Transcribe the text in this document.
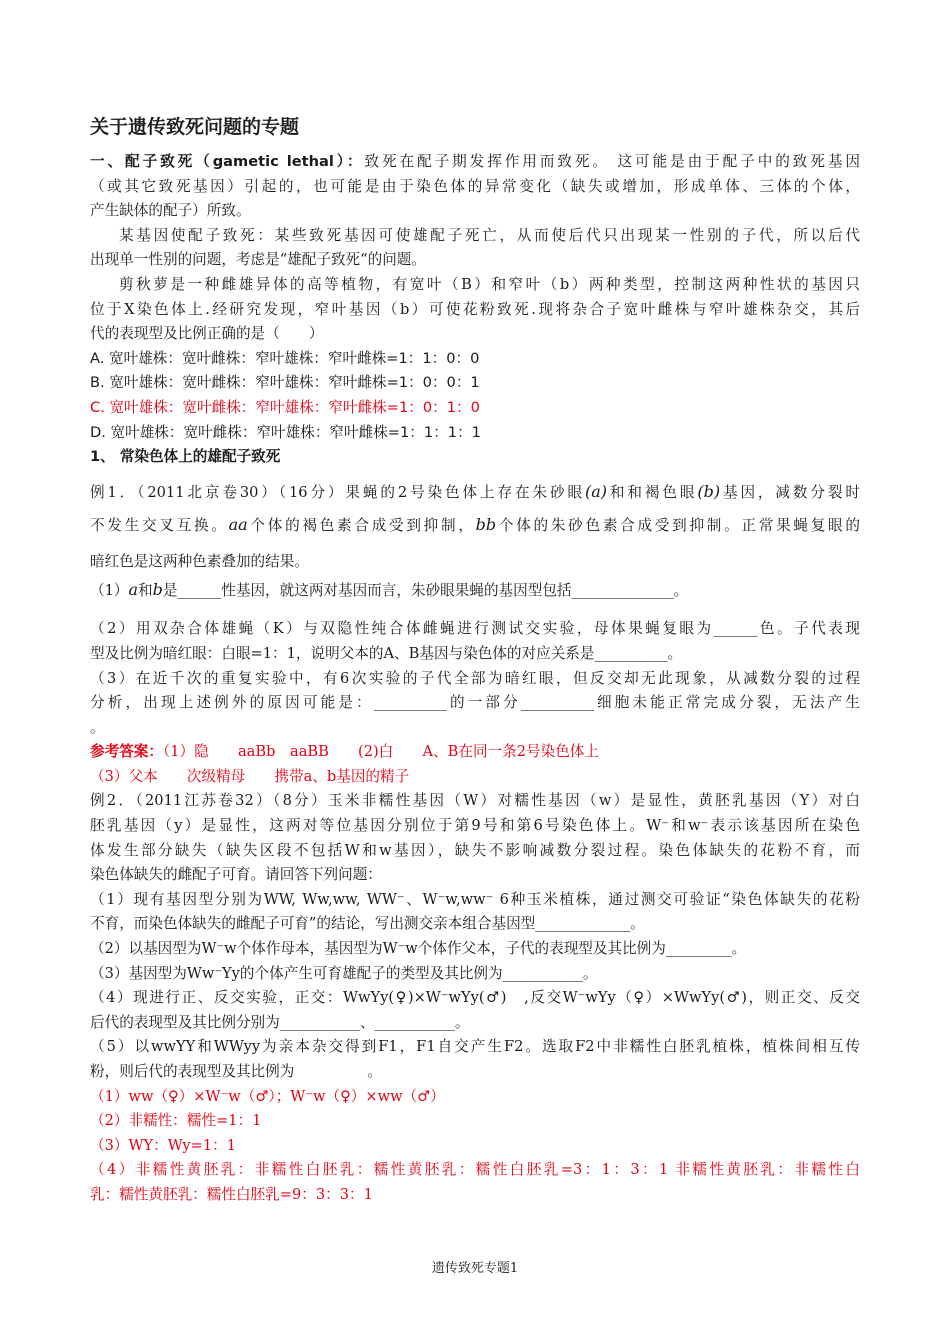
关于遗传致死问题的专题
一、配子致死（gametic lethal）：致死在配子期发挥作用而致死。 这可能是由于配子中的致死基因
（或其它致死基因）引起的，也可能是由于染色体的异常变化（缺失或增加，形成单体、三体的个体，
产生缺体的配子）所致。
某基因使配子致死：某些致死基因可使雄配子死亡，从而使后代只出现某一性别的子代，所以后代
出现单一性别的问题，考虑是“雄配子致死“的问题。
剪秋萝是一种雌雄异体的高等植物，有宽叶（B）和窄叶（b）两种类型，控制这两种性状的基因只
位于X染色体上.经研究发现，窄叶基因（b）可使花粉致死.现将杂合子宽叶雌株与窄叶雄株杂交，其后
代的表现型及比例正确的是（　　）
A. 宽叶雄株：宽叶雌株：窄叶雄株：窄叶雌株=1：1：0：0
B. 宽叶雄株：宽叶雌株：窄叶雄株：窄叶雌株=1：0：0：1
C. 宽叶雄株：宽叶雌株：窄叶雄株：窄叶雌株=1：0：1：0
D. 宽叶雄株：宽叶雌株：窄叶雄株：窄叶雌株=1：1：1：1
1、 常染色体上的雄配子致死
例1．（2011北京卷30）（16分）果蝇的2号染色体上存在朱砂眼(a)和和褐色眼(b)基因，减数分裂时
不发生交叉互换。aa个体的褐色素合成受到抑制，bb个体的朱砂色素合成受到抑制。正常果蝇复眼的
暗红色是这两种色素叠加的结果。
（1）a和b是______性基因，就这两对基因而言，朱砂眼果蝇的基因型包括______________。
（2）用双杂合体雄蝇（K）与双隐性纯合体雌蝇进行测试交实验，母体果蝇复眼为______色。子代表现
型及比例为暗红眼：白眼=1：1，说明父本的A、B基因与染色体的对应关系是__________。
（3）在近千次的重复实验中，有6次实验的子代全部为暗红眼，但反交却无此现象，从减数分裂的过程
分析，出现上述例外的原因可能是：__________的一部分__________细胞未能正常完成分裂，无法产生
。
参考答案：（1）隐　　aaBb　aaBB　　(2)白　　A、B在同一条2号染色体上
（3）父本　　次级精母　　携带a、b基因的精子
例2．（2011江苏卷32）（8分）玉米非糯性基因（W）对糯性基因（w）是显性，黄胚乳基因（Y）对白
胚乳基因（y）是显性，这两对等位基因分别位于第9号和第6号染色体上。W⁻和w⁻表示该基因所在染色
体发生部分缺失（缺失区段不包括W和w基因），缺失不影响减数分裂过程。染色体缺失的花粉不育，而
染色体缺失的雌配子可育。请回答下列问题：
（1）现有基因型分别为WW, Ww,ww, WW⁻、W⁻w,ww⁻ 6种玉米植株，通过测交可验证“染色体缺失的花粉
不育，而染色体缺失的雌配子可育”的结论，写出测交亲本组合基因型_____________。
（2）以基因型为W⁻w个体作母本，基因型为W⁻w个体作父本，子代的表现型及其比例为_________。
（3）基因型为Ww⁻Yy的个体产生可育雄配子的类型及其比例为___________。
（4）现进行正、反交实验，正交：WwYy(♀)×W⁻wYy(♂)　,反交W⁻wYy（♀）×WwYy(♂)，则正交、反交
后代的表现型及其比例分别为___________、___________。
（5）以wwYY和WWyy为亲本杂交得到F1，F1自交产生F2。选取F2中非糯性白胚乳植株，植株间相互传
粉，则后代的表现型及其比例为　　　　　。
（1）ww（♀）×W⁻w（♂）；W⁻w（♀）×ww（♂）
（2）非糯性：糯性=1：1
（3）WY：Wy=1：1
（4）非糯性黄胚乳：非糯性白胚乳：糯性黄胚乳：糯性白胚乳=3：1：3：1 非糯性黄胚乳：非糯性白
乳：糯性黄胚乳：糯性白胚乳=9：3：3：1
遗传致死专题1
